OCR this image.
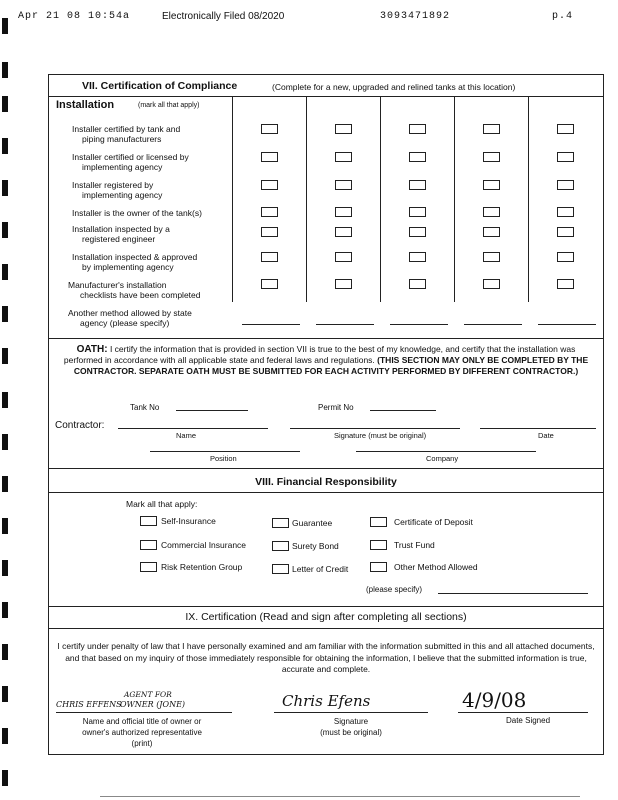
Apr 21 08 10:54a	Electronically Filed 08/2020	3093471892	p.4
VII. Certification of Compliance	(Complete for a new, upgraded and relined tanks at this location)
Installation	(mark all that apply)
Installer certified by tank and
piping manufacturers
Installer certified or licensed by
implementing agency
Installer registered by
implementing agency
Installer is the owner of the tank(s)
Installation inspected by a
registered engineer
Installation inspected & approved
by implementing agency
Manufacturer's installation
checklists have been completed
Another method allowed by state
agency (please specify)
OATH: I certify the information that is provided in section VII is true to the best of my knowledge, and certify that the installation was performed in accordance with all applicable state and federal laws and regulations. (THIS SECTION MAY ONLY BE COMPLETED BY THE CONTRACTOR. SEPARATE OATH MUST BE SUBMITTED FOR EACH ACTIVITY PERFORMED BY DIFFERENT CONTRACTOR.)
Tank No	Permit No
Contractor:
Name	Signature (must be original)	Date
Position	Company
VIII. Financial Responsibility
Mark all that apply:
Self-Insurance	Guarantee	Certificate of Deposit
Commercial Insurance	Surety Bond	Trust Fund
Risk Retention Group	Letter of Credit	Other Method Allowed
(please specify)
IX. Certification (Read and sign after completing all sections)
I certify under penalty of law that I have personally examined and am familiar with the information submitted in this and all attached documents, and that based on my inquiry of those immediately responsible for obtaining the information, I believe that the submitted information is true, accurate and complete.
AGENT FOR
CHRIS EFFENS
OWNER (JONE)	Chris Efens	4/9/08
Name and official title of owner or
owner's authorized representative
(print)
Signature
(must be original)
Date Signed
